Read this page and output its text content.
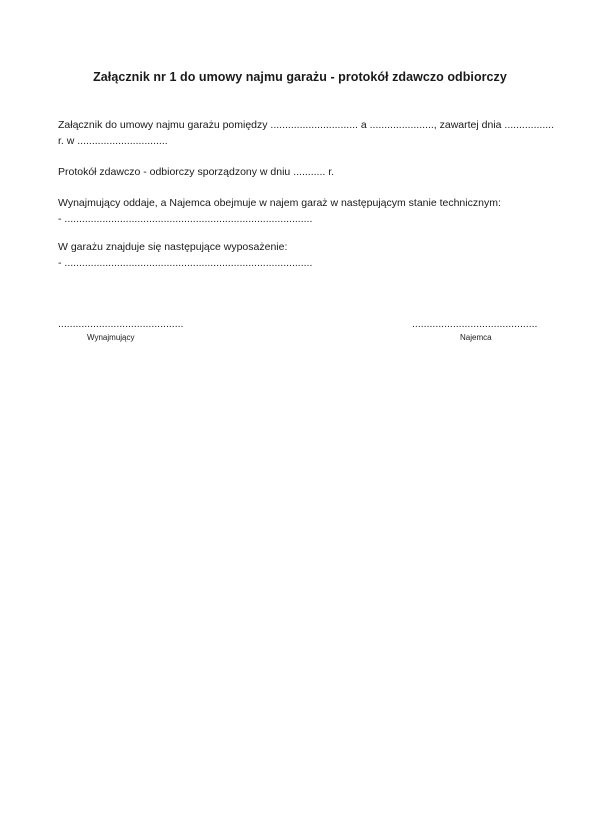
Załącznik nr 1 do umowy najmu garażu - protokół zdawczo odbiorczy
Załącznik do umowy najmu garażu pomiędzy .............................. a ......................, zawartej dnia .................
r. w ...............................
Protokół zdawczo - odbiorczy sporządzony w dniu ........... r.
Wynajmujący oddaje, a Najemca obejmuje w najem garaż w następującym stanie technicznym:
- .....................................................................................
W garażu znajduje się następujące wyposażenie:
- .....................................................................................
...........................................	...........................................
Wynajmujący	Najemca
